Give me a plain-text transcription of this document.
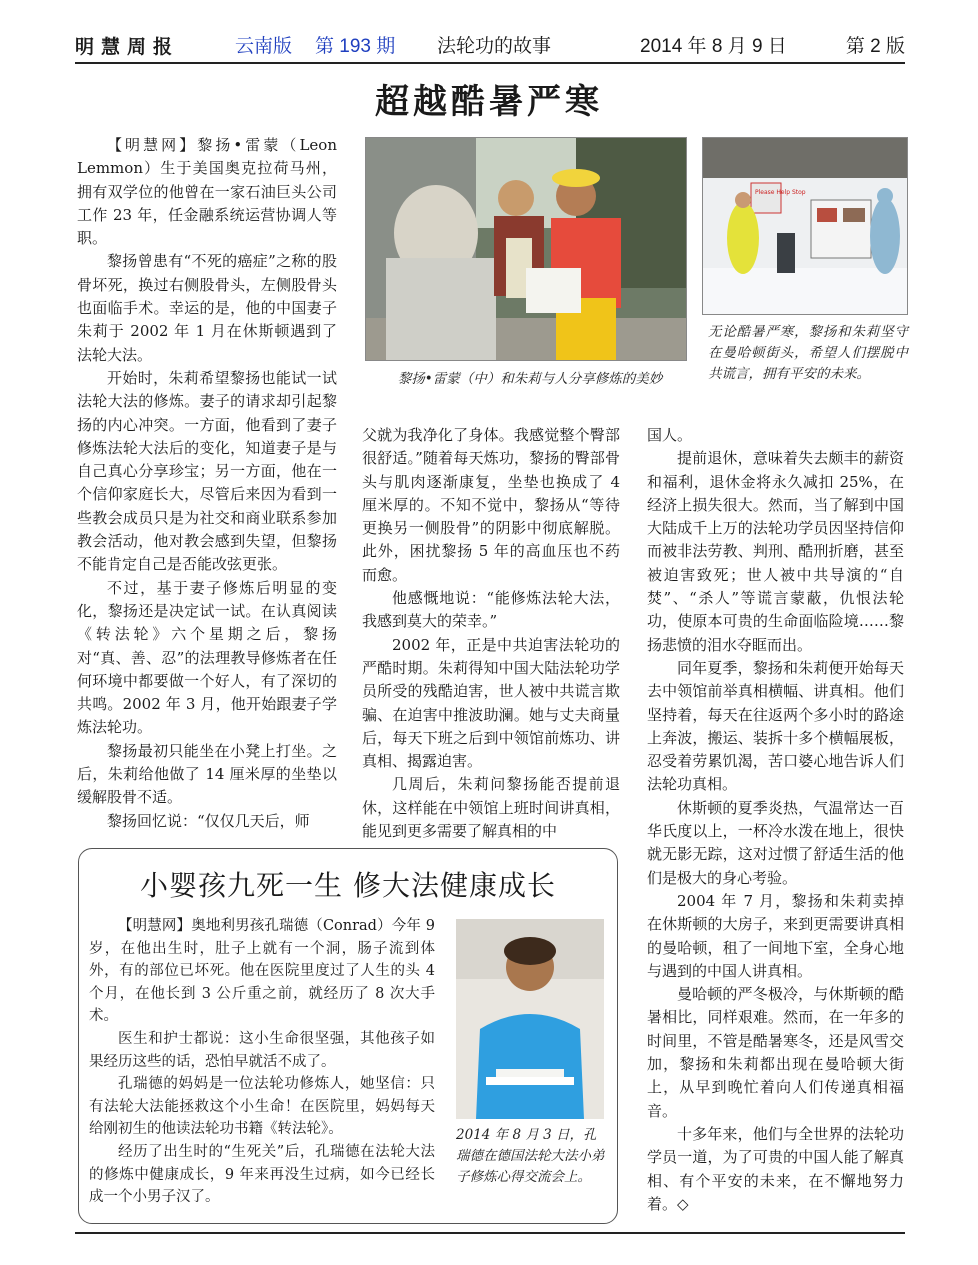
明慧周报	云南版 第 193 期 法轮功的故事	2014 年 8 月 9 日	第 2 版
超越酷暑严寒

【明慧网】黎扬•雷蒙（Leon Lemmon）生于美国奥克拉荷马州，拥有双学位的他曾在一家石油巨头公司工作 23 年，任金融系统运营协调人等职。

黎扬曾患有“不死的癌症”之称的股骨坏死，换过右侧股骨头，左侧股骨头也面临手术。幸运的是，他的中国妻子朱莉于 2002 年 1 月在休斯顿遇到了法轮大法。

开始时，朱莉希望黎扬也能试一试法轮大法的修炼。妻子的请求却引起黎扬的内心冲突。一方面，他看到了妻子修炼法轮大法后的变化，知道妻子是与自己真心分享珍宝；另一方面，他在一个信仰家庭长大，尽管后来因为看到一些教会成员只是为社交和商业联系参加教会活动，他对教会感到失望，但黎扬不能肯定自己是否能改弦更张。

不过，基于妻子修炼后明显的变化，黎扬还是决定试一试。在认真阅读《转法轮》六个星期之后，黎扬对“真、善、忍”的法理教导修炼者在任何环境中都要做一个好人，有了深切的共鸣。2002 年 3 月，他开始跟妻子学炼法轮功。

黎扬最初只能坐在小凳上打坐。之后，朱莉给他做了 14 厘米厚的坐垫以缓解股骨不适。

黎扬回忆说：“仅仅几天后，师

黎扬•雷蒙（中）和朱莉与人分享修炼的美妙
Please Help Stop
无论酷暑严寒，黎扬和朱莉坚守在曼哈顿街头，希望人们摆脱中共谎言，拥有平安的未来。

父就为我净化了身体。我感觉整个臀部很舒适。”随着每天炼功，黎扬的臀部骨头与肌肉逐渐康复，坐垫也换成了 4 厘米厚的。不知不觉中，黎扬从“等待更换另一侧股骨”的阴影中彻底解脱。此外，困扰黎扬 5 年的高血压也不药而愈。

他感慨地说：“能修炼法轮大法，我感到莫大的荣幸。”

2002 年，正是中共迫害法轮功的严酷时期。朱莉得知中国大陆法轮功学员所受的残酷迫害，世人被中共谎言欺骗、在迫害中推波助澜。她与丈夫商量后，每天下班之后到中领馆前炼功、讲真相、揭露迫害。

几周后，朱莉问黎扬能否提前退休，这样能在中领馆上班时间讲真相，能见到更多需要了解真相的中

国人。

提前退休，意味着失去颇丰的薪资和福利，退休金将永久减扣 25%，在经济上损失很大。然而，当了解到中国大陆成千上万的法轮功学员因坚持信仰而被非法劳教、判刑、酷刑折磨，甚至被迫害致死；世人被中共导演的“自焚”、“杀人”等谎言蒙蔽，仇恨法轮功，使原本可贵的生命面临险境……黎扬悲愤的泪水夺眶而出。

同年夏季，黎扬和朱莉便开始每天去中领馆前举真相横幅、讲真相。他们坚持着，每天在往返两个多小时的路途上奔波，搬运、装拆十多个横幅展板，忍受着劳累饥渴，苦口婆心地告诉人们法轮功真相。

休斯顿的夏季炎热，气温常达一百华氏度以上，一杯冷水泼在地上，很快就无影无踪，这对过惯了舒适生活的他们是极大的身心考验。

2004 年 7 月，黎扬和朱莉卖掉在休斯顿的大房子，来到更需要讲真相的曼哈顿，租了一间地下室，全身心地与遇到的中国人讲真相。

曼哈顿的严冬极冷，与休斯顿的酷暑相比，同样艰难。然而，在一年多的时间里，不管是酷暑寒冬，还是风雪交加，黎扬和朱莉都出现在曼哈顿大街上，从早到晚忙着向人们传递真相福音。

十多年来，他们与全世界的法轮功学员一道，为了可贵的中国人能了解真相、有个平安的未来，在不懈地努力着。◇

小婴孩九死一生 修大法健康成长

【明慧网】奥地利男孩孔瑞德（Conrad）今年 9 岁，在他出生时，肚子上就有一个洞，肠子流到体外，有的部位已坏死。他在医院里度过了人生的头 4 个月，在他长到 3 公斤重之前，就经历了 8 次大手术。

医生和护士都说：这小生命很坚强，其他孩子如果经历这些的话，恐怕早就活不成了。

孔瑞德的妈妈是一位法轮功修炼人，她坚信：只有法轮大法能拯救这个小生命！在医院里，妈妈每天给刚初生的他读法轮功书籍《转法轮》。

经历了出生时的“生死关”后，孔瑞德在法轮大法的修炼中健康成长，9 年来再没生过病，如今已经长成一个小男子汉了。

2014 年 8 月 3 日，孔瑞德在德国法轮大法小弟子修炼心得交流会上。
